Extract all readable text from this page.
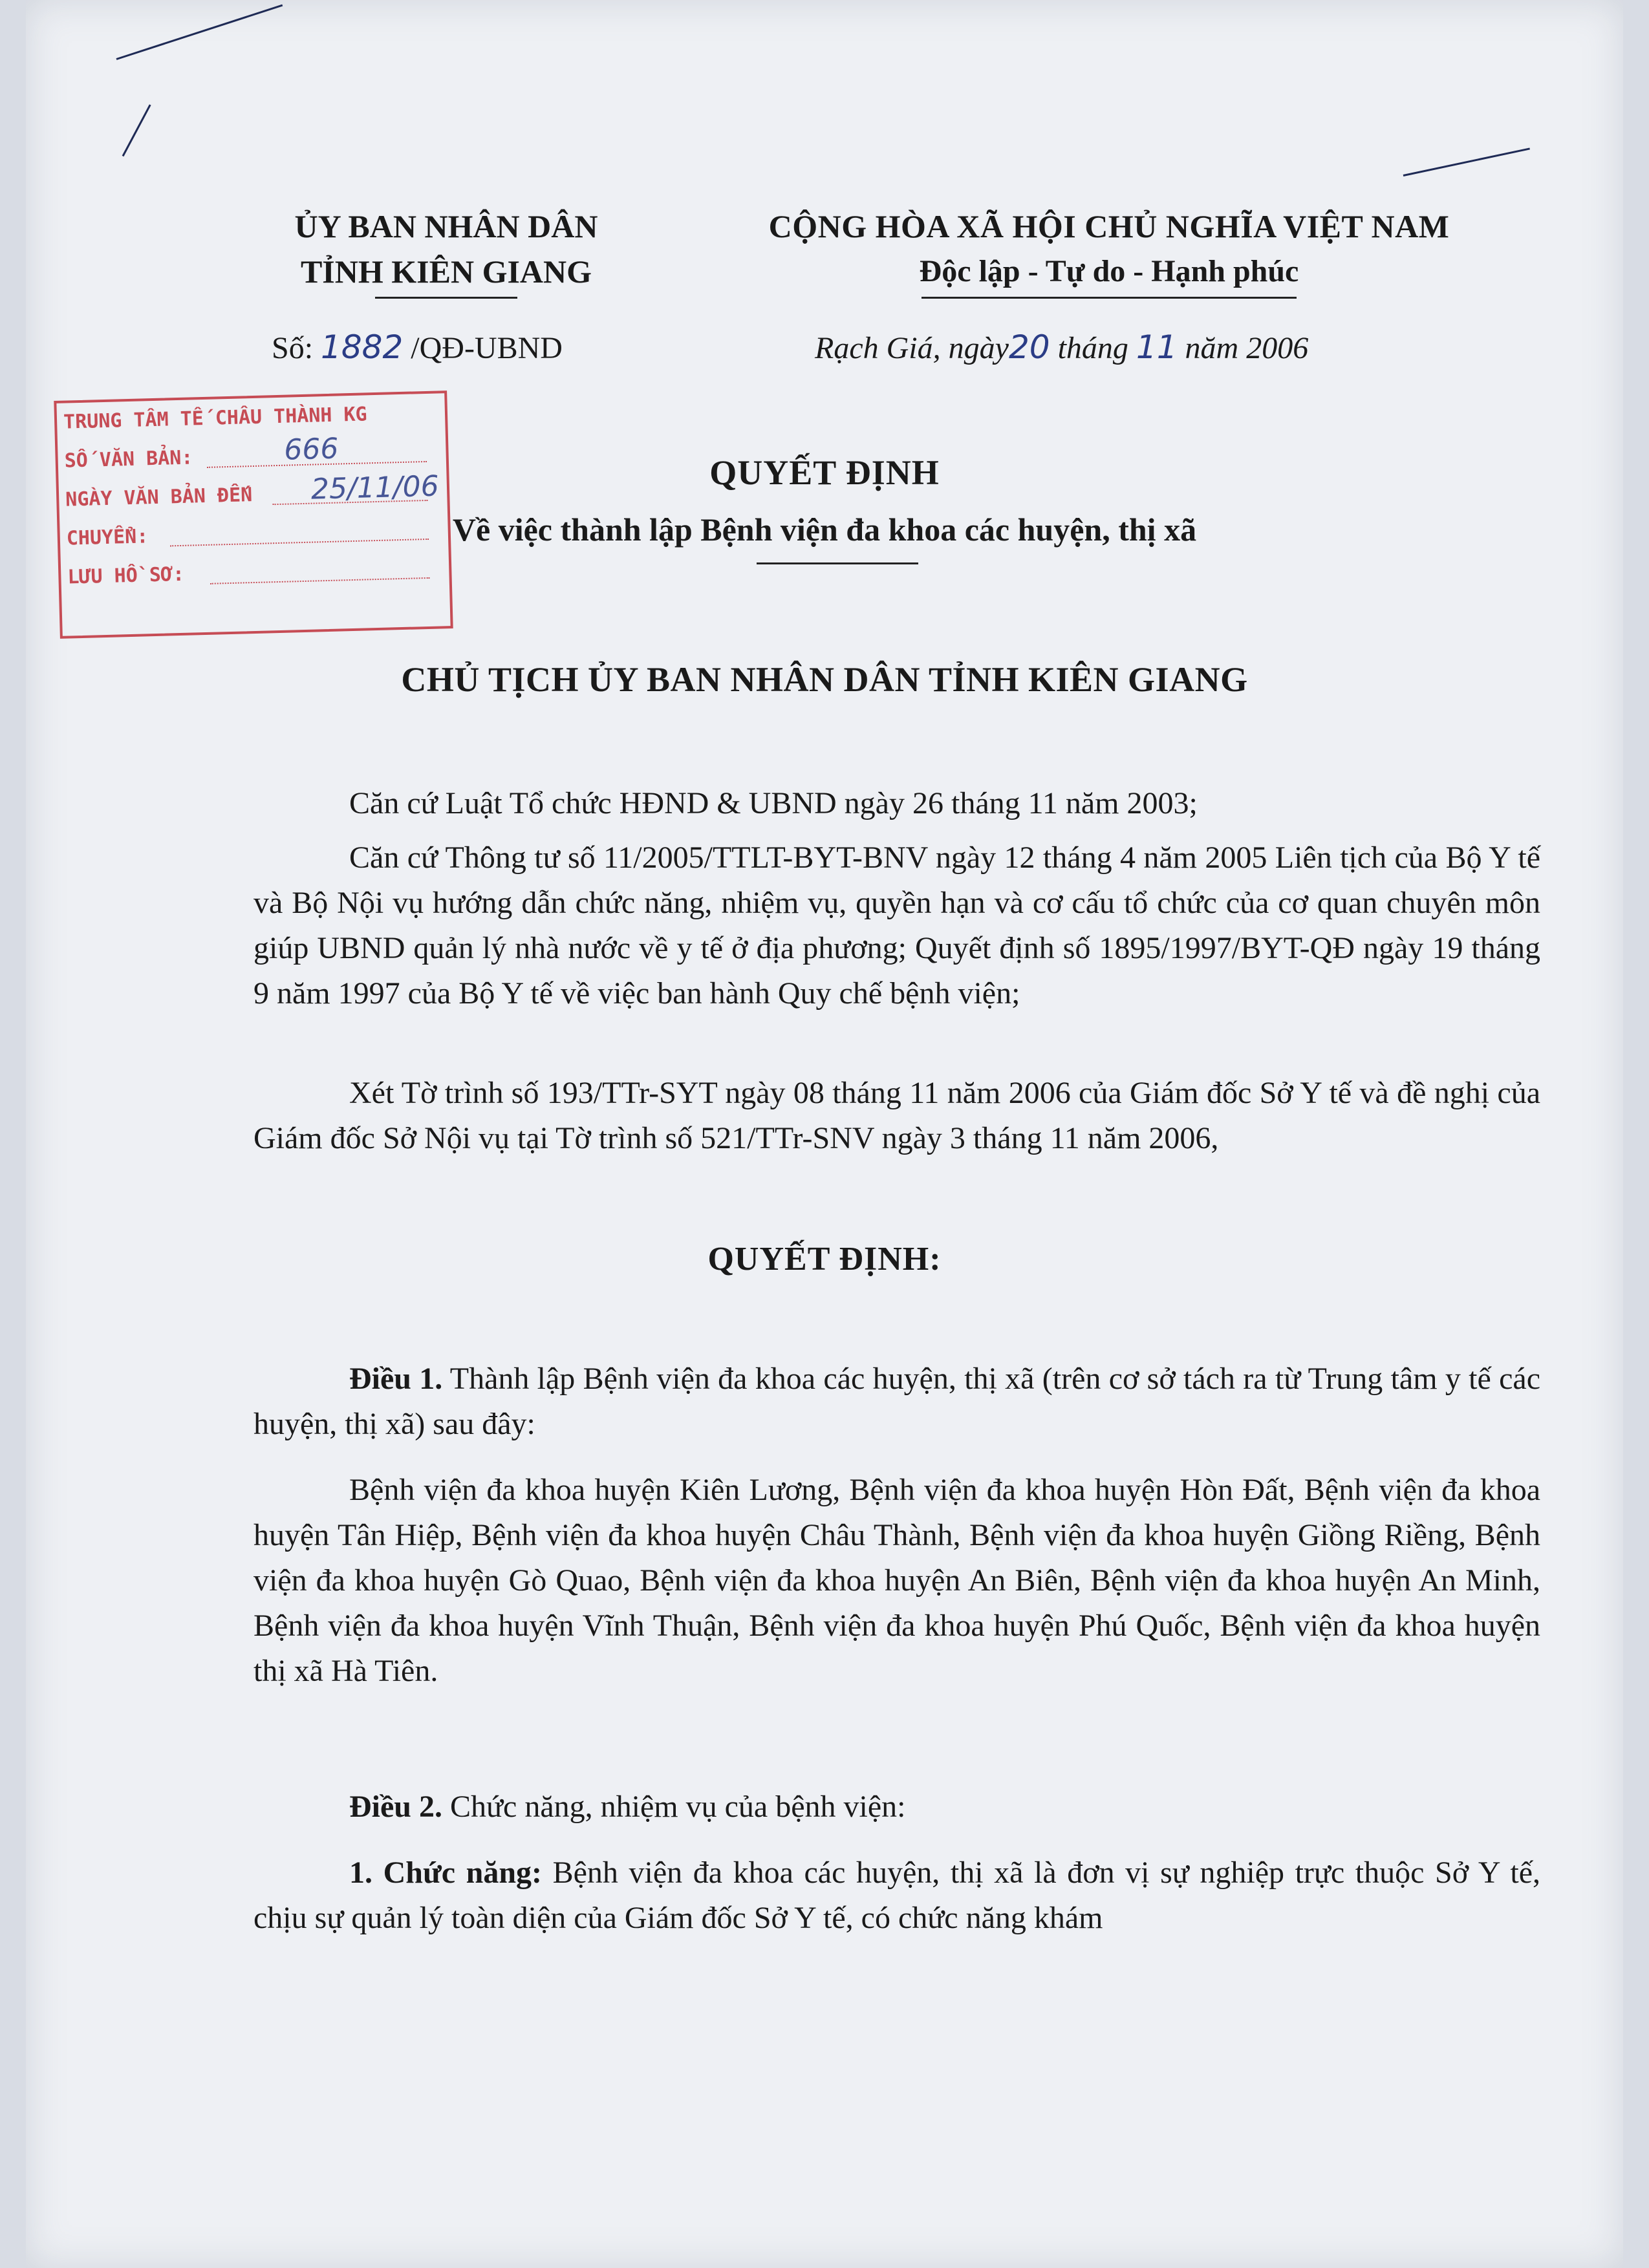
ỦY BAN NHÂN DÂN
TỈNH KIÊN GIANG
CỘNG HÒA XÃ HỘI CHỦ NGHĨA VIỆT NAM
Độc lập - Tự do - Hạnh phúc
Số: 1882 /QĐ-UBND	Rạch Giá, ngày20 tháng 11 năm 2006
TRUNG TÂM TẾ CHÂU THÀNH KG
SỐ VĂN BẢN:
NGÀY VĂN BẢN ĐẾN
CHUYỂN:
LƯU HỒ SƠ:
666
25/11/06	QUYẾT ĐỊNH
Về việc thành lập Bệnh viện đa khoa các huyện, thị xã
CHỦ TỊCH ỦY BAN NHÂN DÂN TỈNH KIÊN GIANG
Căn cứ Luật Tổ chức HĐND & UBND ngày 26 tháng 11 năm 2003;
Căn cứ Thông tư số 11/2005/TTLT-BYT-BNV ngày 12 tháng 4 năm 2005 Liên tịch của Bộ Y tế và Bộ Nội vụ hướng dẫn chức năng, nhiệm vụ, quyền hạn và cơ cấu tổ chức của cơ quan chuyên môn giúp UBND quản lý nhà nước về y tế ở địa phương; Quyết định số 1895/1997/BYT-QĐ ngày 19 tháng 9 năm 1997 của Bộ Y tế về việc ban hành Quy chế bệnh viện;
Xét Tờ trình số 193/TTr-SYT ngày 08 tháng 11 năm 2006 của Giám đốc Sở Y tế và đề nghị của Giám đốc Sở Nội vụ tại Tờ trình số 521/TTr-SNV ngày 3 tháng 11 năm 2006,
QUYẾT ĐỊNH:
Điều 1. Thành lập Bệnh viện đa khoa các huyện, thị xã (trên cơ sở tách ra từ Trung tâm y tế các huyện, thị xã) sau đây:
Bệnh viện đa khoa huyện Kiên Lương, Bệnh viện đa khoa huyện Hòn Đất, Bệnh viện đa khoa huyện Tân Hiệp, Bệnh viện đa khoa huyện Châu Thành, Bệnh viện đa khoa huyện Giồng Riềng, Bệnh viện đa khoa huyện Gò Quao, Bệnh viện đa khoa huyện An Biên, Bệnh viện đa khoa huyện An Minh, Bệnh viện đa khoa huyện Vĩnh Thuận, Bệnh viện đa khoa huyện Phú Quốc, Bệnh viện đa khoa huyện thị xã Hà Tiên.
Điều 2. Chức năng, nhiệm vụ của bệnh viện:
1. Chức năng: Bệnh viện đa khoa các huyện, thị xã là đơn vị sự nghiệp trực thuộc Sở Y tế, chịu sự quản lý toàn diện của Giám đốc Sở Y tế, có chức năng khám
